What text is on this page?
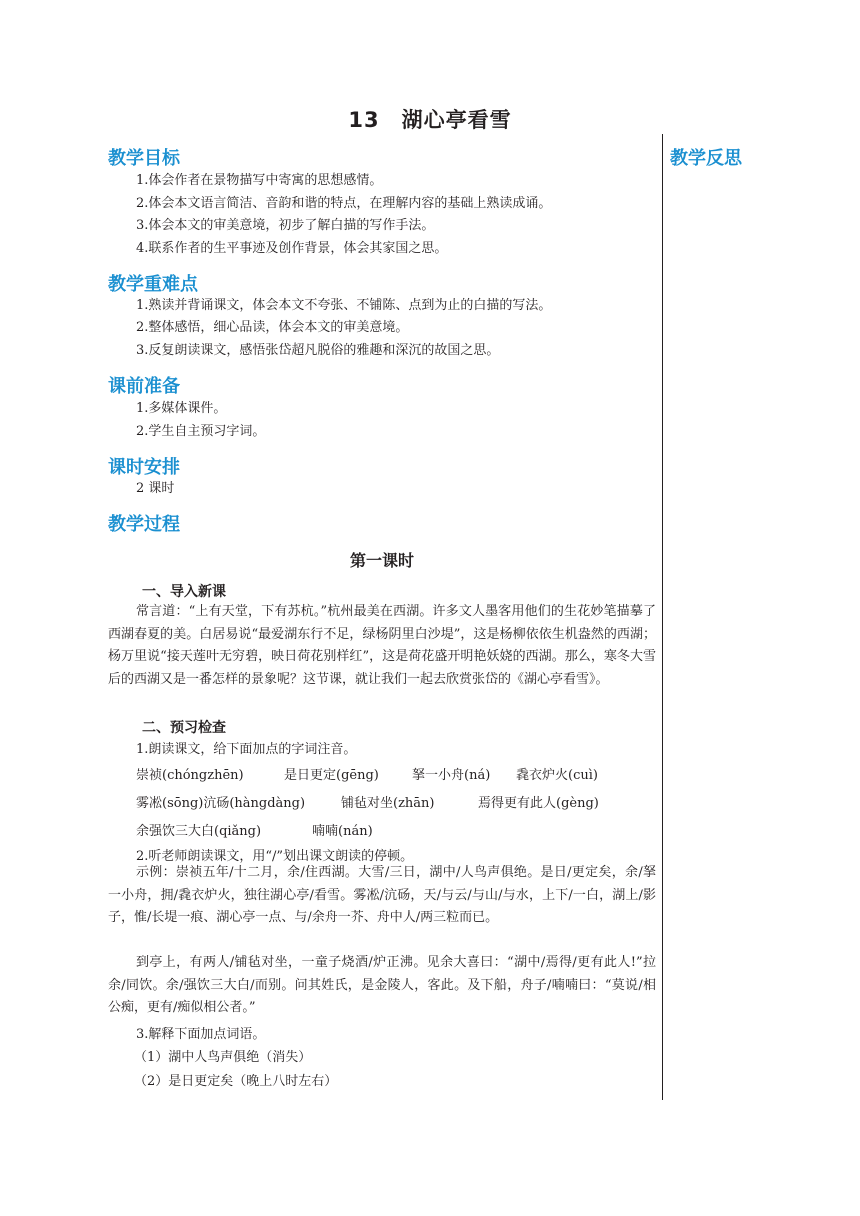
13　湖心亭看雪
教学反思
教学目标
1.体会作者在景物描写中寄寓的思想感情。
2.体会本文语言简洁、音韵和谐的特点，在理解内容的基础上熟读成诵。
3.体会本文的审美意境，初步了解白描的写作手法。
4.联系作者的生平事迹及创作背景，体会其家国之思。
教学重难点
1.熟读并背诵课文，体会本文不夸张、不铺陈、点到为止的白描的写法。
2.整体感悟，细心品读，体会本文的审美意境。
3.反复朗读课文，感悟张岱超凡脱俗的雅趣和深沉的故国之思。
课前准备
1.多媒体课件。
2.学生自主预习字词。
课时安排
2 课时
教学过程
第一课时
一、导入新课
常言道：“上有天堂，下有苏杭。”杭州最美在西湖。许多文人墨客用他们的生花妙笔描摹了西湖春夏的美。白居易说“最爱湖东行不足，绿杨阴里白沙堤”，这是杨柳依依生机盎然的西湖；杨万里说“接天莲叶无穷碧，映日荷花别样红”，这是荷花盛开明艳妖娆的西湖。那么，寒冬大雪后的西湖又是一番怎样的景象呢？这节课，就让我们一起去欣赏张岱的《湖心亭看雪》。
二、预习检查
1.朗读课文，给下面加点的字词注音。
崇祯(chóngzhēn)	是日更定(gēng)	拏一小舟(ná) 毳衣炉火(cuì)
雾凇(sōng)沆砀(hàngdàng)	铺毡对坐(zhān)	焉得更有此人(gèng)
余强饮三大白(qiǎng)	喃喃(nán)
2.听老师朗读课文，用“/”划出课文朗读的停顿。
示例：崇祯五年/十二月，余/住西湖。大雪/三日，湖中/人鸟声俱绝。是日/更定矣，余/拏一小舟，拥/毳衣炉火，独往湖心亭/看雪。雾凇/沆砀，天/与云/与山/与水，上下/一白，湖上/影子，惟/长堤一痕、湖心亭一点、与/余舟一芥、舟中人/两三粒而已。
到亭上，有两人/铺毡对坐，一童子烧酒/炉正沸。见余大喜曰：“湖中/焉得/更有此人!”拉余/同饮。余/强饮三大白/而别。问其姓氏，是金陵人，客此。及下船，舟子/喃喃曰：“莫说/相公痴，更有/痴似相公者。”
3.解释下面加点词语。
（1）湖中人鸟声俱绝（消失）
（2）是日更定矣（晚上八时左右）
